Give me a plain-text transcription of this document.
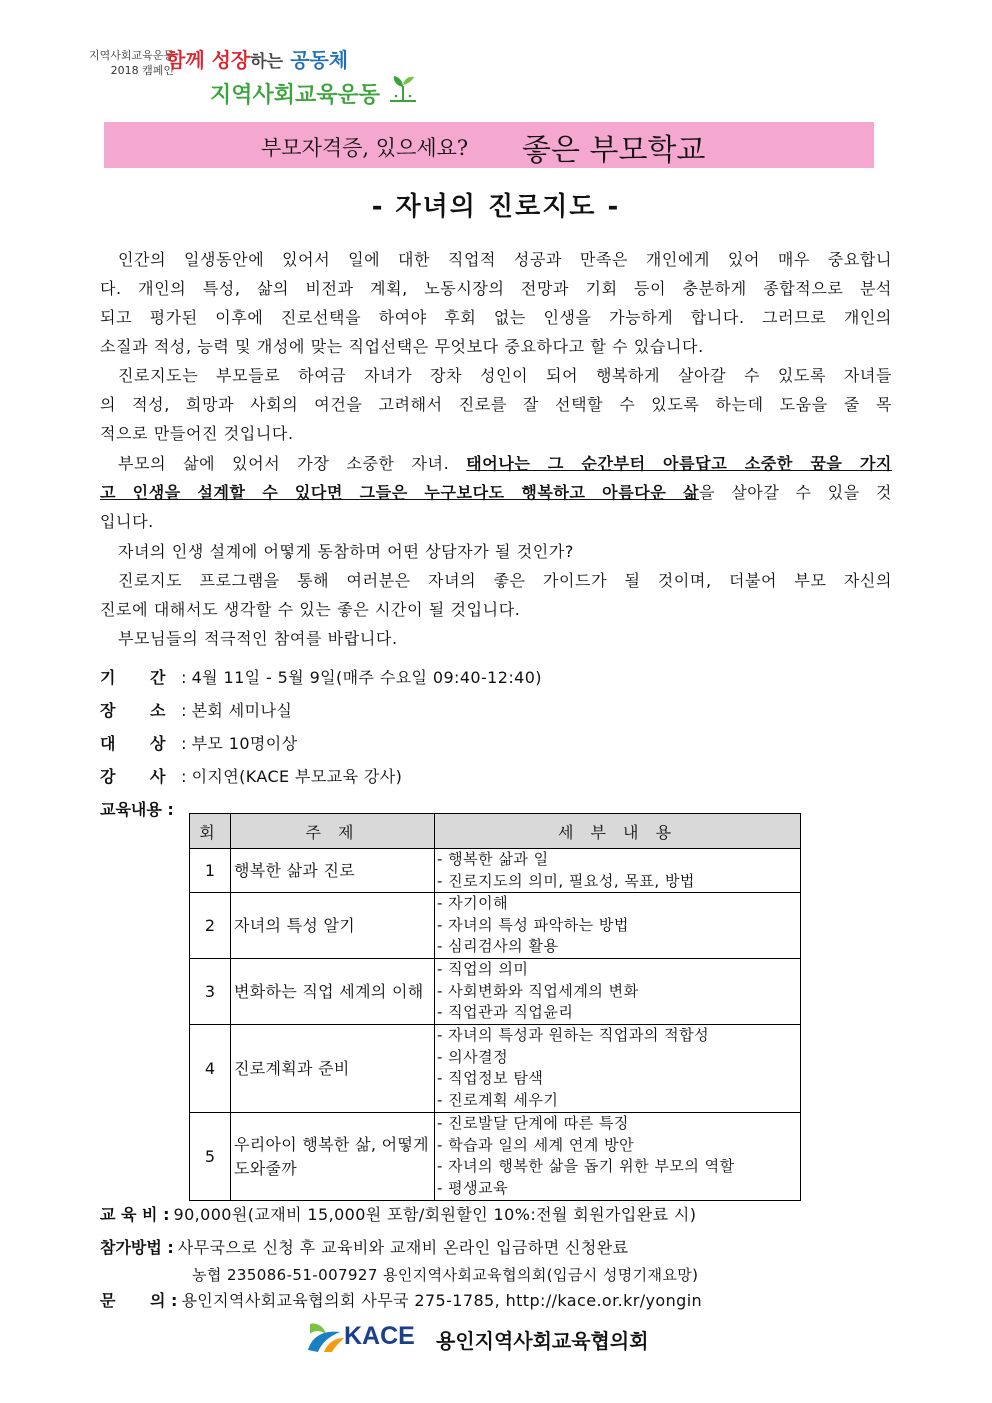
지역사회교육운동
2018 캠페인
함께 성장하는 공동체
지역사회교육운동
부모자격증, 있으세요? 좋은 부모학교
- 자녀의 진로지도 -
인간의 일생동안에 있어서 일에 대한 직업적 성공과 만족은 개인에게 있어 매우 중요합니
다. 개인의 특성, 삶의 비전과 계획, 노동시장의 전망과 기회 등이 충분하게 종합적으로 분석
되고 평가된 이후에 진로선택을 하여야 후회 없는 인생을 가능하게 합니다. 그러므로 개인의
소질과 적성, 능력 및 개성에 맞는 직업선택은 무엇보다 중요하다고 할 수 있습니다.
진로지도는 부모들로 하여금 자녀가 장차 성인이 되어 행복하게 살아갈 수 있도록 자녀들
의 적성, 희망과 사회의 여건을 고려해서 진로를 잘 선택할 수 있도록 하는데 도움을 줄 목
적으로 만들어진 것입니다.
부모의 삶에 있어서 가장 소중한 자녀. 태어나는 그 순간부터 아름답고 소중한 꿈을 가지
고 인생을 설계할 수 있다면 그들은 누구보다도 행복하고 아름다운 삶을 살아갈 수 있을 것
입니다.
자녀의 인생 설계에 어떻게 동참하며 어떤 상담자가 될 것인가?
진로지도 프로그램을 통해 여러분은 자녀의 좋은 가이드가 될 것이며, 더불어 부모 자신의
진로에 대해서도 생각할 수 있는 좋은 시간이 될 것입니다.
부모님들의 적극적인 참여를 바랍니다.
기 간 : 4월 11일 - 5월 9일(매주 수요일 09:40-12:40)
장 소 : 본회 세미나실
대 상 : 부모 10명이상
강 사 : 이지연(KACE 부모교육 강사)
교육내용 :
회	주 제	세 부 내 용
1	행복한 삶과 진로	- 행복한 삶과 일
- 진로지도의 의미, 필요성, 목표, 방법

2	자녀의 특성 알기	- 자기이해
- 자녀의 특성 파악하는 방법
- 심리검사의 활용

3	변화하는 직업 세계의 이해	- 직업의 의미
- 사회변화와 직업세계의 변화
- 직업관과 직업윤리

4	진로계획과 준비	- 자녀의 특성과 원하는 직업과의 적합성
- 의사결정
- 직업정보 탐색
- 진로계획 세우기

5	우리아이 행복한 삶, 어떻게 도와줄까	- 진로발달 단계에 따른 특징
- 학습과 일의 세계 연계 방안
- 자녀의 행복한 삶을 돕기 위한 부모의 역할
- 평생교육
교 육 비 : 90,000원(교재비 15,000원 포함/회원할인 10%:전월 회원가입완료 시)
참가방법 : 사무국으로 신청 후 교육비와 교재비 온라인 입금하면 신청완료
농협 235086-51-007927 용인지역사회교육협의회(입금시 성명기재요망)
문 의 : 용인지역사회교육협의회 사무국 275-1785, http://kace.or.kr/yongin
KACE 용인지역사회교육협의회
